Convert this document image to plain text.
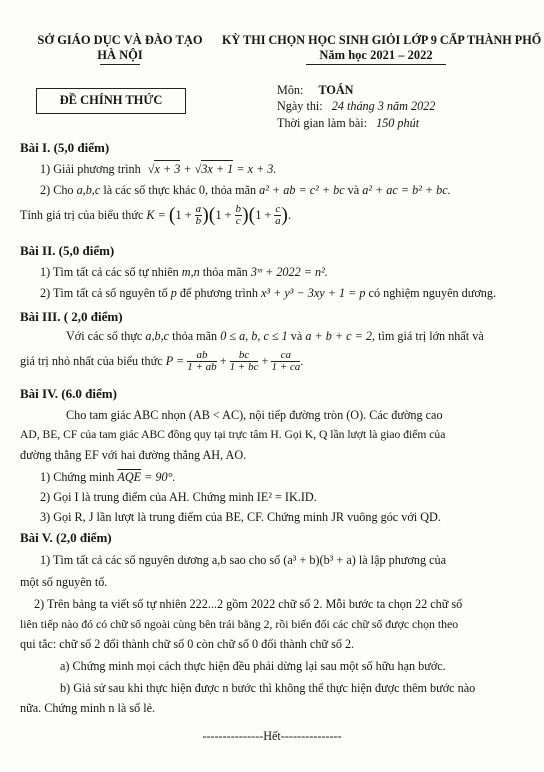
SỞ GIÁO DỤC VÀ ĐÀO TẠO
HÀ NỘI
KỲ THI CHỌN HỌC SINH GIỎI LỚP 9 CẤP THÀNH PHỐ
Năm học 2021 – 2022
ĐỀ CHÍNH THỨC
Môn: TOÁN
Ngày thi: 24 tháng 3 năm 2022
Thời gian làm bài: 150 phút
Bài I. (5,0 điểm)
1) Giải phương trình √x + 3 + √3x + 1 = x + 3.
2) Cho a,b,c là các số thực khác 0, thỏa mãn a² + ab = c² + bc và a² + ac = b² + bc.
Tính giá trị của biểu thức $K = (1 + \frac{a}{b} )(1 + \frac{b}{c} )(1 + \frac{c}{a}$ ).
Bài II. (5,0 điểm)
1) Tìm tất cả các số tự nhiên m,n thỏa mãn 3ᵐ + 2022 = n².
2) Tìm tất cả số nguyên tố p để phương trình x³ + y³ − 3xy + 1 = p có nghiệm nguyên dương.
Bài III. ( 2,0 điểm)
Với các số thực a,b,c thỏa mãn 0 ≤ a, b, c ≤ 1 và a + b + c = 2, tìm giá trị lớn nhất và
giá trị nhỏ nhất của biểu thức $P = \frac{ab}{1 + ab} + \frac{bc}{1 + bc} + \frac{ca}{1 + ca}$ .
Bài IV. (6.0 điểm)
Cho tam giác ABC nhọn (AB < AC), nội tiếp đường tròn (O). Các đường cao
AD, BE, CF của tam giác ABC đồng quy tại trực tâm H. Gọi K, Q lần lượt là giao điểm của
đường thẳng EF với hai đường thẳng AH, AO.
1) Chứng minh $\overline{AQE} = 90^\circ$.
2) Gọi I là trung điểm của AH. Chứng minh IE² = IK.ID.
3) Gọi R, J lần lượt là trung điểm của BE, CF. Chứng minh JR vuông góc với QD.
Bài V. (2,0 điểm)
1) Tìm tất cả các số nguyên dương a,b sao cho số (a³ + b)(b³ + a) là lập phương của
một số nguyên tố.
2) Trên bảng ta viết số tự nhiên 222...2 gồm 2022 chữ số 2. Mỗi bước ta chọn 22 chữ số
liên tiếp nào đó có chữ số ngoài cùng bên trái bằng 2, rồi biến đổi các chữ số được chọn theo
qui tắc: chữ số 2 đổi thành chữ số 0 còn chữ số 0 đổi thành chữ số 2.
a) Chứng minh mọi cách thực hiện đều phải dừng lại sau một số hữu hạn bước.
b) Giả sử sau khi thực hiện được n bước thì không thể thực hiện được thêm bước nào
nữa. Chứng minh n là số lẻ.
---------------Hết---------------
